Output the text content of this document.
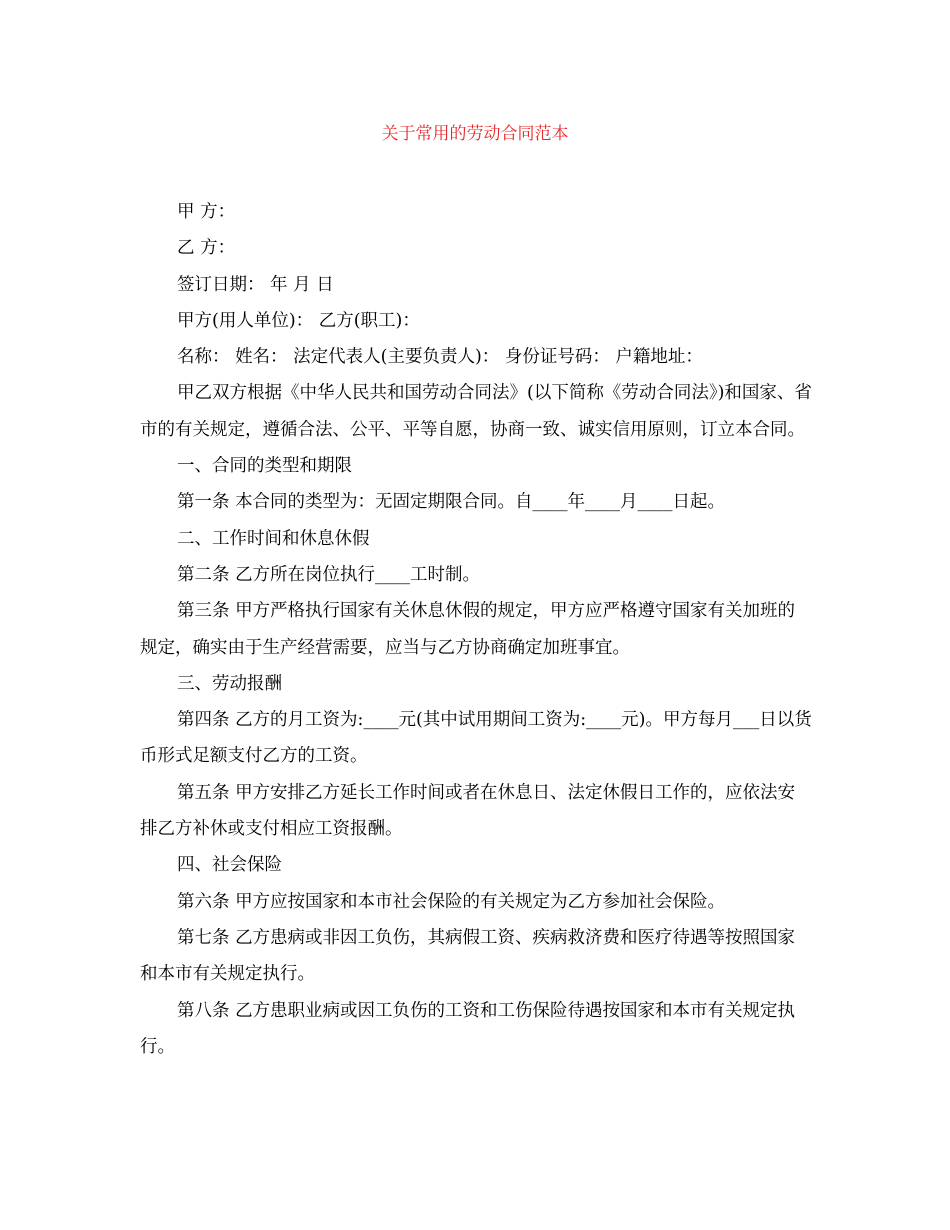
关于常用的劳动合同范本

甲 方：

乙 方：

签订日期： 年 月 日

甲方(用人单位)： 乙方(职工)：

名称： 姓名： 法定代表人(主要负责人)： 身份证号码： 户籍地址：

甲乙双方根据《中华人民共和国劳动合同法》(以下简称《劳动合同法》)和国家、省市的有关规定，遵循合法、公平、平等自愿，协商一致、诚实信用原则，订立本合同。

一、合同的类型和期限

第一条 本合同的类型为：无固定期限合同。自____年____月____日起。

二、工作时间和休息休假

第二条 乙方所在岗位执行____工时制。

第三条 甲方严格执行国家有关休息休假的规定，甲方应严格遵守国家有关加班的规定，确实由于生产经营需要，应当与乙方协商确定加班事宜。

三、劳动报酬

第四条 乙方的月工资为:____元(其中试用期间工资为:____元)。甲方每月___日以货币形式足额支付乙方的工资。

第五条 甲方安排乙方延长工作时间或者在休息日、法定休假日工作的，应依法安排乙方补休或支付相应工资报酬。

四、社会保险

第六条 甲方应按国家和本市社会保险的有关规定为乙方参加社会保险。

第七条 乙方患病或非因工负伤，其病假工资、疾病救济费和医疗待遇等按照国家和本市有关规定执行。

第八条 乙方患职业病或因工负伤的工资和工伤保险待遇按国家和本市有关规定执行。
